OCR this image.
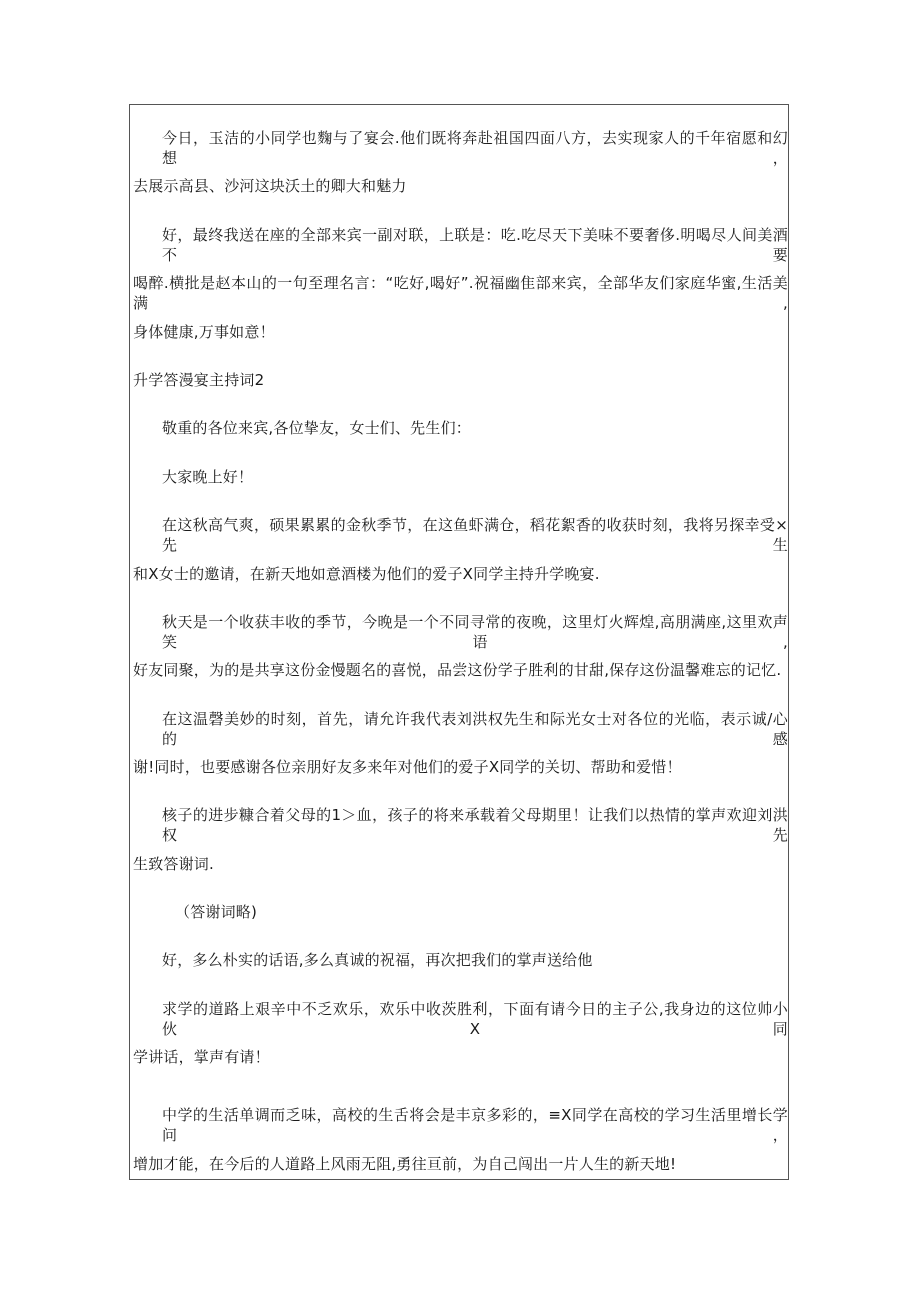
今日，玉洁的小同学也麴与了宴会.他们既将奔赴祖国四面八方，去实现家人的千年宿愿和幻想，
去展示高县、沙河这块沃土的卿大和魅力
好，最终我送在座的全部来宾一副对联，上联是：吃.吃尽天下美味不要奢侈.明喝尽人间美酒不要
喝醉.横批是赵本山的一句至理名言：“吃好,喝好”.祝福幽隹部来宾，全部华友们家庭华蜜,生活美满,
身体健康,万事如意！
升学答漫宴主持词2
敬重的各位来宾,各位挚友，女士们、先生们：
大家晚上好！
在这秋高气爽，硕果累累的金秋季节，在这鱼虾满仓，稻花絮香的收获时刻，我将另探幸受×先生
和X女士的邀请，在新天地如意酒楼为他们的爱子X同学主持升学晚宴.
秋天是一个收获丰收的季节，今晚是一个不同寻常的夜晚，这里灯火辉煌,高朋满座,这里欢声笑语,
好友同聚，为的是共享这份金慢题名的喜悦，品尝这份学子胜利的甘甜,保存这份温馨难忘的记忆.
在这温磬美妙的时刻，首先，请允许我代表刘洪权先生和际光女士对各位的光临，表示诚/心的感
谢!同时，也要感谢各位亲朋好友多来年对他们的爱子X同学的关切、帮助和爱惜！
核子的进步糠合着父母的1＞血，孩子的将来承载着父母期里！让我们以热情的掌声欢迎刘洪权先
生致答谢词.
（答谢词略)
好，多么朴实的话语,多么真诚的祝福，再次把我们的掌声送给他
求学的道路上艰辛中不乏欢乐，欢乐中收茨胜利，下面有请今日的主子公,我身边的这位帅小伙X同
学讲话，掌声有请！
中学的生活单调而乏味，高校的生舌将会是丰京多彩的，≡X同学在高校的学习生活里增长学问，
增加才能，在今后的人道路上风雨无阻,勇往亘前，为自己闯出一片人生的新天地!
